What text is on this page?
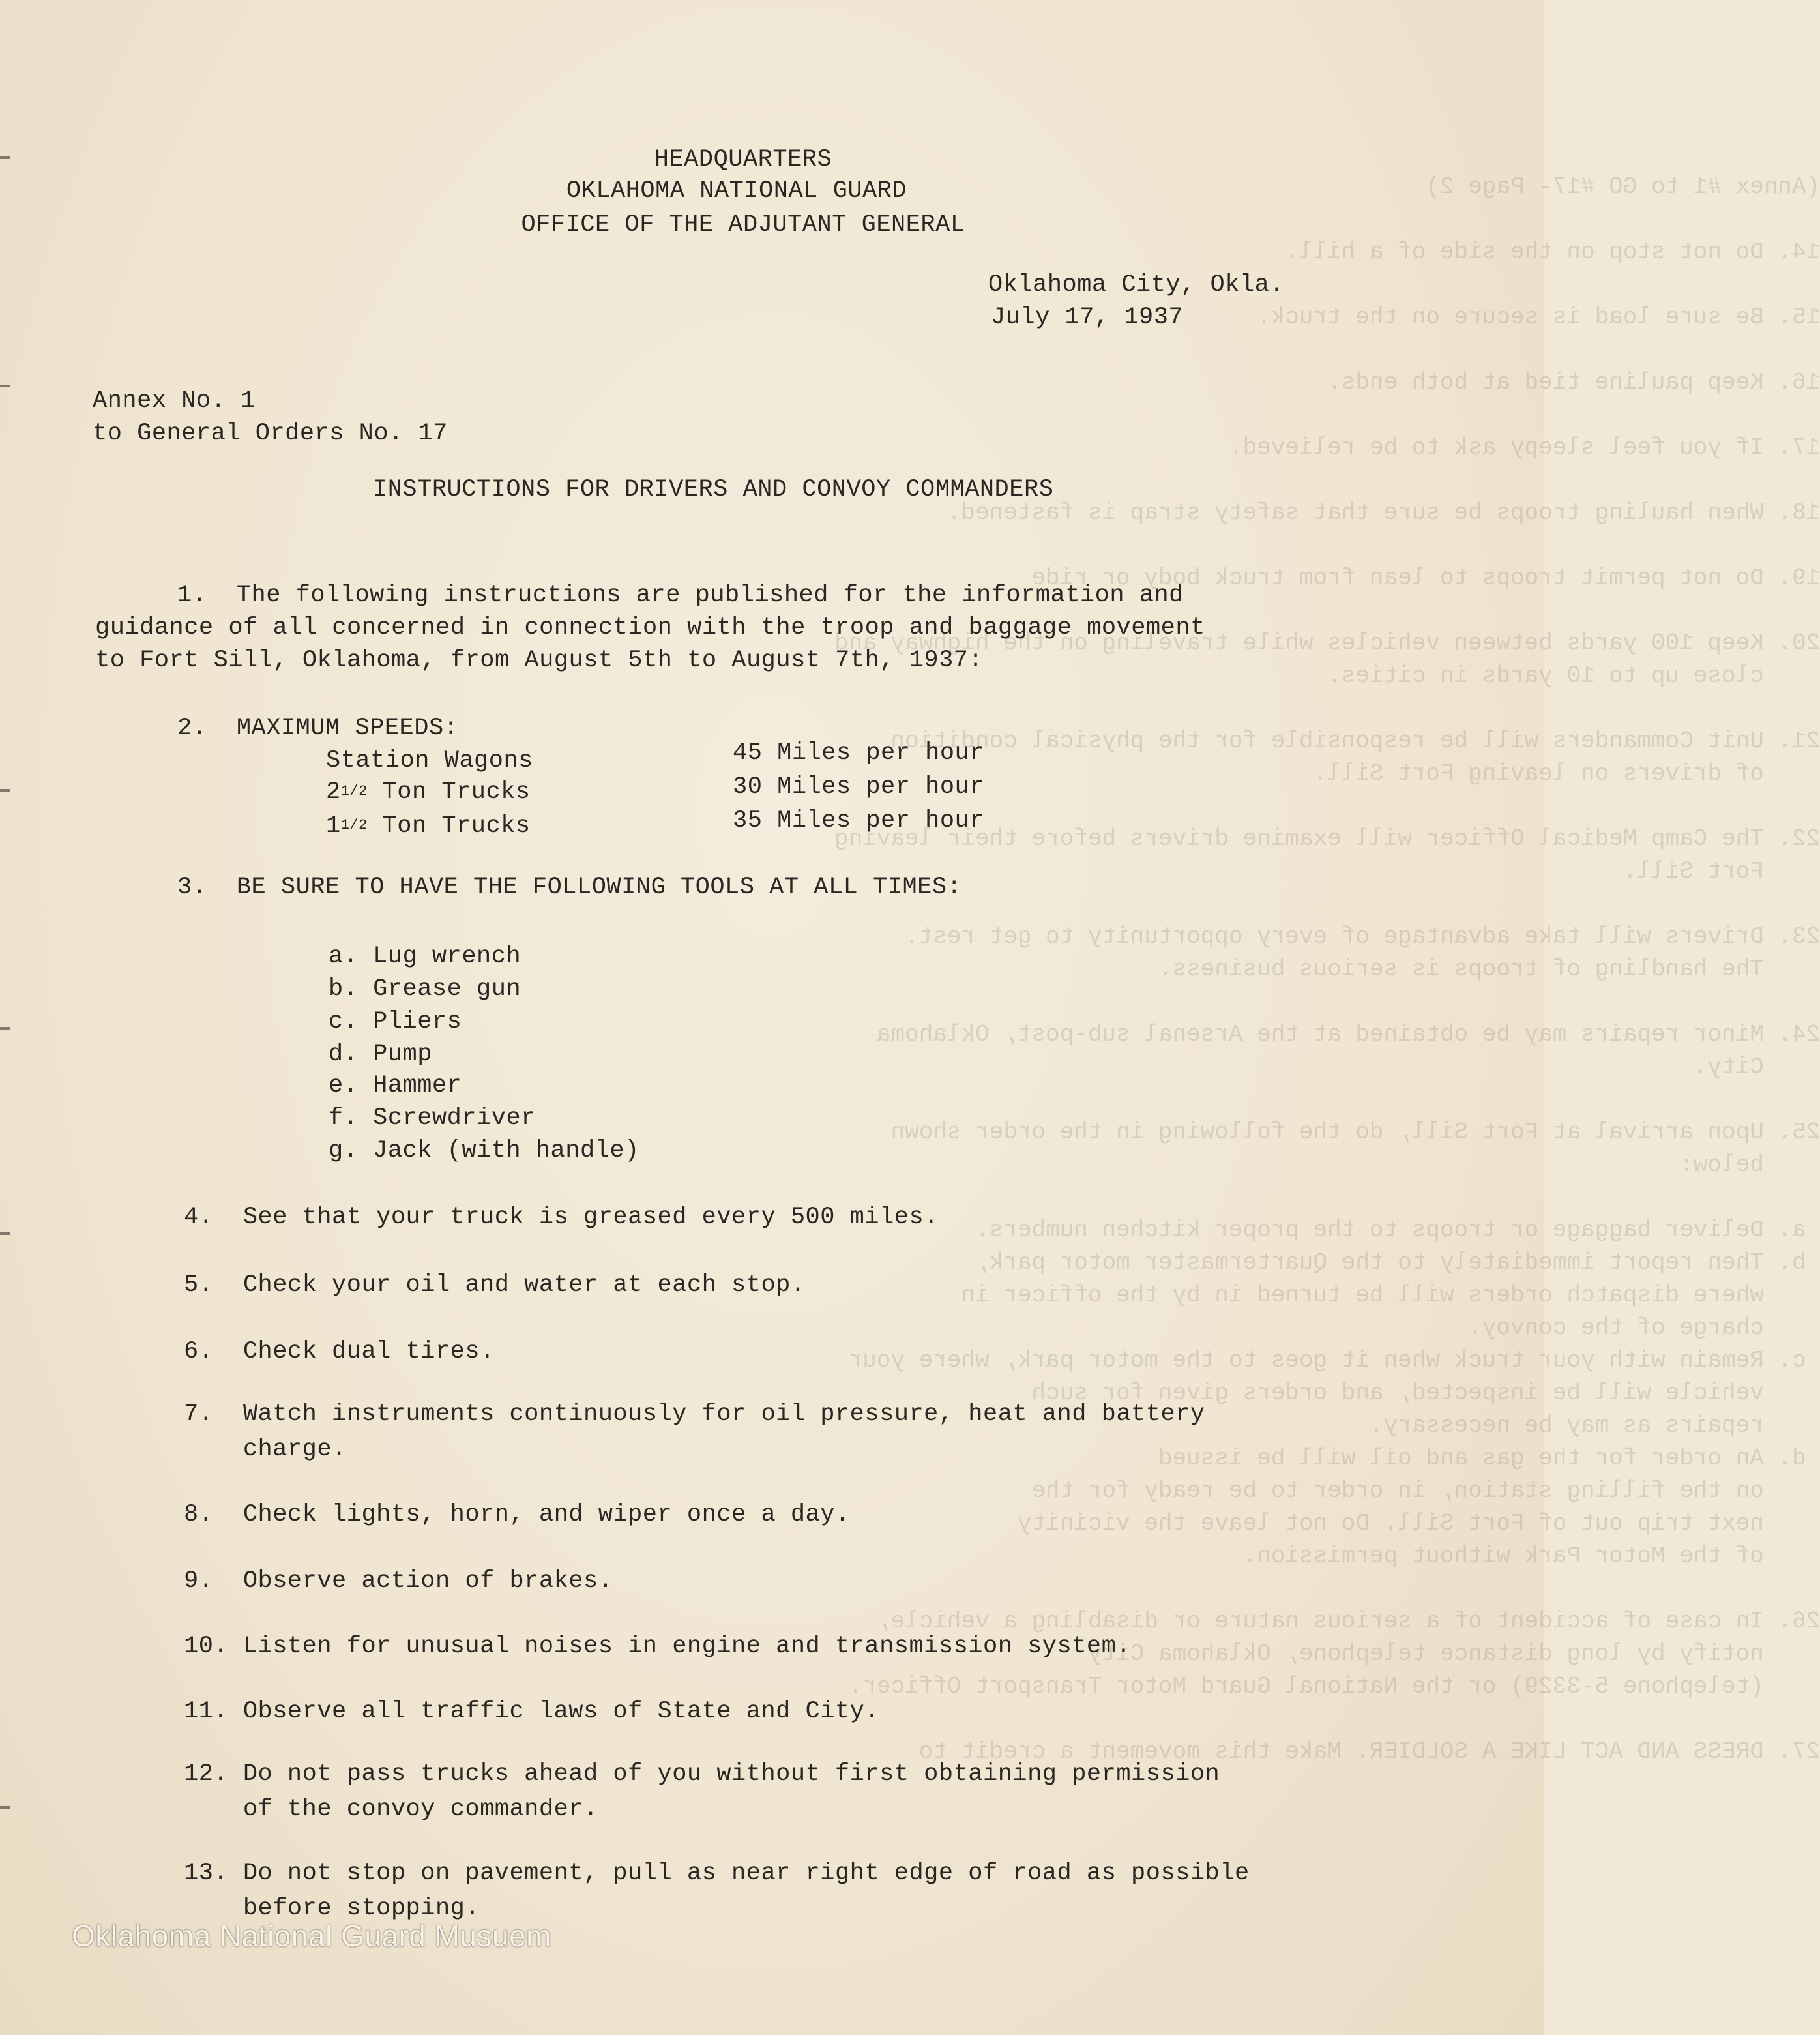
(Annex #1 to GO #17- Page 2)

14. Do not stop on the side of a hill.

15. Be sure load is secure on the truck.

16. Keep pauline tied at both ends.

17. If you feel sleepy ask to be relieved.

18. When hauling troops be sure that safety strap is fastened.

19. Do not permit troops to lean from truck body or ride

20. Keep 100 yards between vehicles while traveling on the highway and
close up to 10 yards in cities.

21. Unit Commanders will be responsible for the physical condition
of drivers on leaving Fort Sill.

22. The Camp Medical Officer will examine drivers before their leaving
Fort Sill.

23. Drivers will take advantage of every opportunity to get rest.
The handling of troops is serious business.

24. Minor repairs may be obtained at the Arsenal sub-post, Oklahoma
City.

25. Upon arrival at Fort Sill, do the following in the order shown
below:

a. Deliver baggage or troops to the proper kitchen numbers.
b. Then report immediately to the Quartermaster motor park,
where dispatch orders will be turned in by the officer in
charge of the convoy.
c. Remain with your truck when it goes to the motor park, where your
vehicle will be inspected, and orders given for such
repairs as may be necessary.
d. An order for the gas and oil will be issued
on the filling station, in order to be ready for the
next trip out of Fort Sill. Do not leave the vicinity
of the Motor Park without permission.

26. In case of accident of a serious nature or disabling a vehicle,
notify by long distance telephone, Oklahoma City
(telephone 5-3329) or the National Guard Motor Transport Officer.

27. DRESS AND ACT LIKE A SOLDIER. Make this movement a credit to
HEADQUARTERS
OKLAHOMA NATIONAL GUARD
OFFICE OF THE ADJUTANT GENERAL
Oklahoma City, Okla.
July 17, 1937
Annex No. 1
to General Orders No. 17
INSTRUCTIONS FOR DRIVERS AND CONVOY COMMANDERS
1.  The following instructions are published for the information and
guidance of all concerned in connection with the troop and baggage movement
to Fort Sill, Oklahoma, from August 5th to August 7th, 1937:
2.  MAXIMUM SPEEDS:
Station Wagons	45 Miles per hour
21/2 Ton Trucks	30 Miles per hour
11/2 Ton Trucks	35 Miles per hour
3.  BE SURE TO HAVE THE FOLLOWING TOOLS AT ALL TIMES:
a. Lug wrench
b. Grease gun
c. Pliers
d. Pump
e. Hammer
f. Screwdriver
g. Jack (with handle)
4.  See that your truck is greased every 500 miles.
5.  Check your oil and water at each stop.
6.  Check dual tires.
7.  Watch instruments continuously for oil pressure, heat and battery
charge.
8.  Check lights, horn, and wiper once a day.
9.  Observe action of brakes.
10. Listen for unusual noises in engine and transmission system.
11. Observe all traffic laws of State and City.
12. Do not pass trucks ahead of you without first obtaining permission
of the convoy commander.
13. Do not stop on pavement, pull as near right edge of road as possible
before stopping.
Oklahoma National Guard Musuem
